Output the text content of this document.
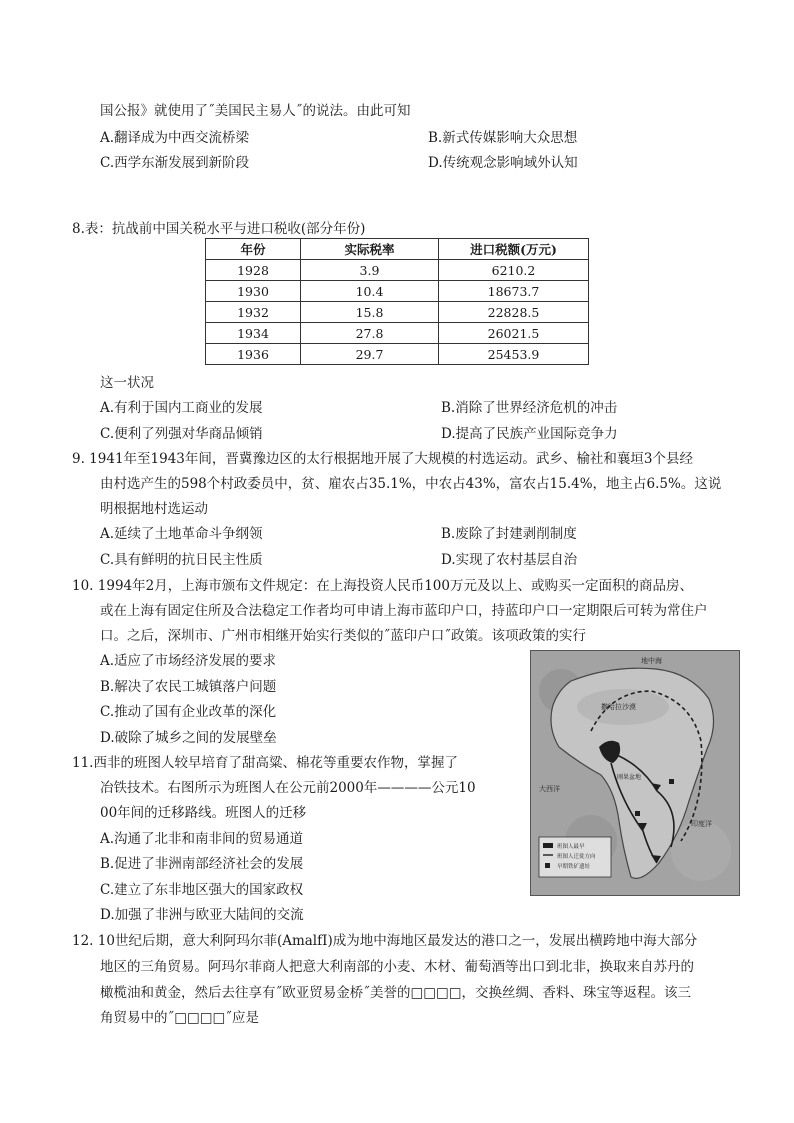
国公报》就使用了˝美国民主易人˝的说法。由此可知
A.翻译成为中西交流桥梁	B.新式传媒影响大众思想
C.西学东渐发展到新阶段	D.传统观念影响域外认知
8.表：抗战前中国关税水平与进口税收(部分年份)
年份	实际税率	进口税额(万元)
1928	3.9	6210.2
1930	10.4	18673.7
1932	15.8	22828.5
1934	27.8	26021.5
1936	29.7	25453.9
这一状况
A.有利于国内工商业的发展	B.消除了世界经济危机的冲击
C.便利了列强对华商品倾销	D.提高了民族产业国际竞争力
9. 1941年至1943年间，晋冀豫边区的太行根据地开展了大规模的村选运动。武乡、榆社和襄垣3个县经
由村选产生的598个村政委员中，贫、雇农占35.1%，中农占43%，富农占15.4%，地主占6.5%。这说
明根据地村选运动
A.延续了土地革命斗争纲领	B.废除了封建剥削制度
C.具有鲜明的抗日民主性质	D.实现了农村基层自治
10. 1994年2月，上海市颁布文件规定：在上海投资人民币100万元及以上、或购买一定面积的商品房、
或在上海有固定住所及合法稳定工作者均可申请上海市蓝印户口，持蓝印户口一定期限后可转为常住户
口。之后，深圳市、广州市相继开始实行类似的˝蓝印户口˝政策。该项政策的实行
A.适应了市场经济发展的要求
B.解决了农民工城镇落户问题
C.推动了国有企业改革的深化
D.破除了城乡之间的发展壁垒
11.西非的班图人较早培育了甜高粱、棉花等重要农作物，掌握了
冶铁技术。右图所示为班图人在公元前2000年————公元10
00年间的迁移路线。班图人的迁移
A.沟通了北非和南非间的贸易通道
B.促进了非洲南部经济社会的发展
C.建立了东非地区强大的国家政权
D.加强了非洲与欧亚大陆间的交流
班图人最早
班图人迁徙方向
早期铁矿遗址
地中海
撒哈拉沙漠
大西洋
印度洋
刚果盆地
12. 10世纪后期，意大利阿玛尔菲(AmalfI)成为地中海地区最发达的港口之一，发展出横跨地中海大部分
地区的三角贸易。阿玛尔菲商人把意大利南部的小麦、木材、葡萄酒等出口到北非，换取来自苏丹的
橄榄油和黄金，然后去往享有˝欧亚贸易金桥˝美誉的□□□□，交换丝绸、香料、珠宝等返程。该三
角贸易中的˝□□□□˝应是
